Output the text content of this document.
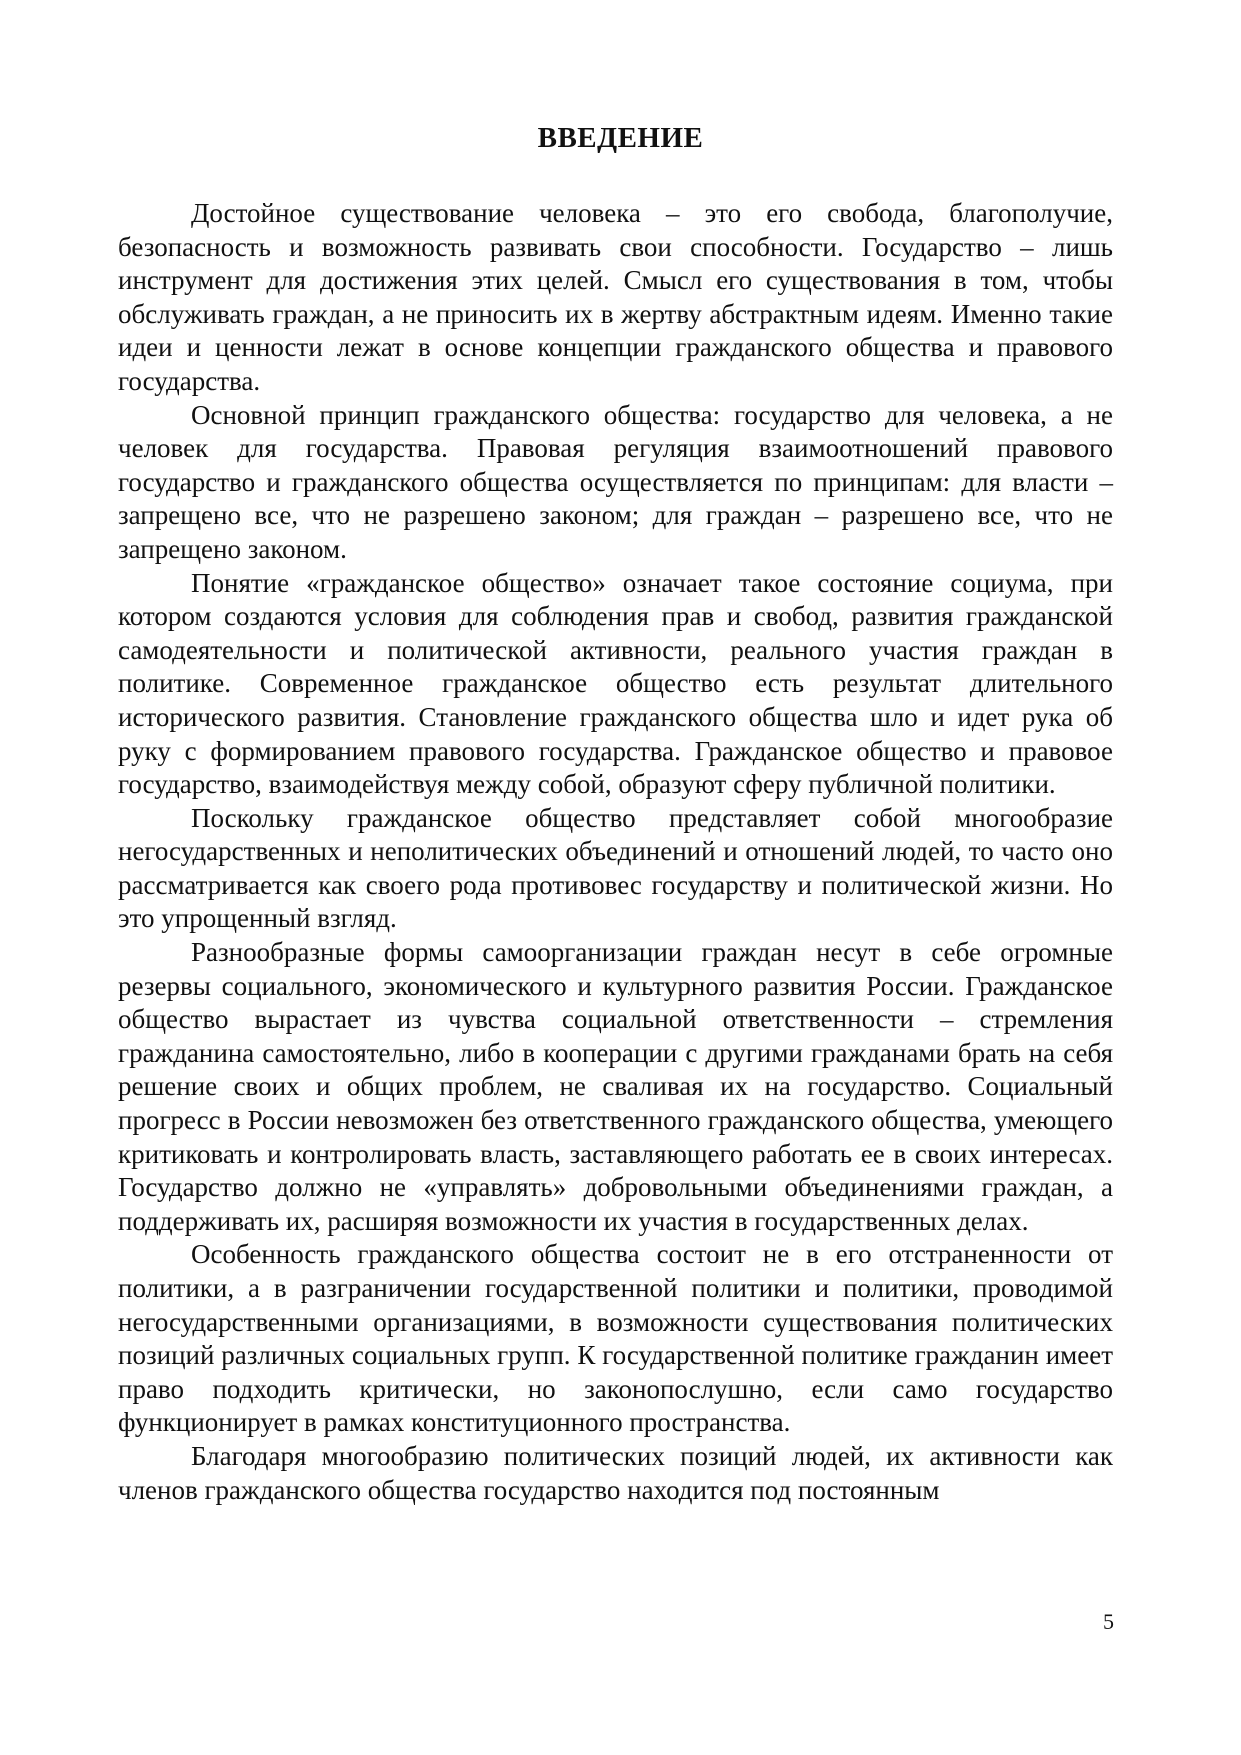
ВВЕДЕНИЕ

Достойное существование человека – это его свобода, благополучие, безопасность и возможность развивать свои способности. Государство – лишь инструмент для достижения этих целей. Смысл его существования в том, чтобы обслуживать граждан, а не приносить их в жертву абстрактным идеям. Именно такие идеи и ценности лежат в основе концепции гражданского общества и правового государства.

Основной принцип гражданского общества: государство для человека, а не человек для государства. Правовая регуляция взаимоотношений правового государство и гражданского общества осуществляется по принципам: для власти – запрещено все, что не разрешено законом; для граждан – разрешено все, что не запрещено законом.

Понятие «гражданское общество» означает такое состояние социума, при котором создаются условия для соблюдения прав и свобод, развития гражданской самодеятельности и политической активности, реального участия граждан в политике. Современное гражданское общество есть результат длительного исторического развития. Становление гражданского общества шло и идет рука об руку с формированием правового государства. Гражданское общество и правовое государство, взаимодействуя между собой, образуют сферу публичной политики.

Поскольку гражданское общество представляет собой многообразие негосударственных и неполитических объединений и отношений людей, то часто оно рассматривается как своего рода противовес государству и политической жизни. Но это упрощенный взгляд.

Разнообразные формы самоорганизации граждан несут в себе огромные резервы социального, экономического и культурного развития России. Гражданское общество вырастает из чувства социальной ответственности – стремления гражданина самостоятельно, либо в кооперации с другими гражданами брать на себя решение своих и общих проблем, не сваливая их на государство. Социальный прогресс в России невозможен без ответственного гражданского общества, умеющего критиковать и контролировать власть, заставляющего работать ее в своих интересах. Государство должно не «управлять» добровольными объединениями граждан, а поддерживать их, расширяя возможности их участия в государственных делах.

Особенность гражданского общества состоит не в его отстраненности от политики, а в разграничении государственной политики и политики, проводимой негосударственными организациями, в возможности существования политических позиций различных социальных групп. К государственной политике гражданин имеет право подходить критически, но законопослушно, если само государство функционирует в рамках конституционного пространства.

Благодаря многообразию политических позиций людей, их активности как членов гражданского общества государство находится под постоянным

5
